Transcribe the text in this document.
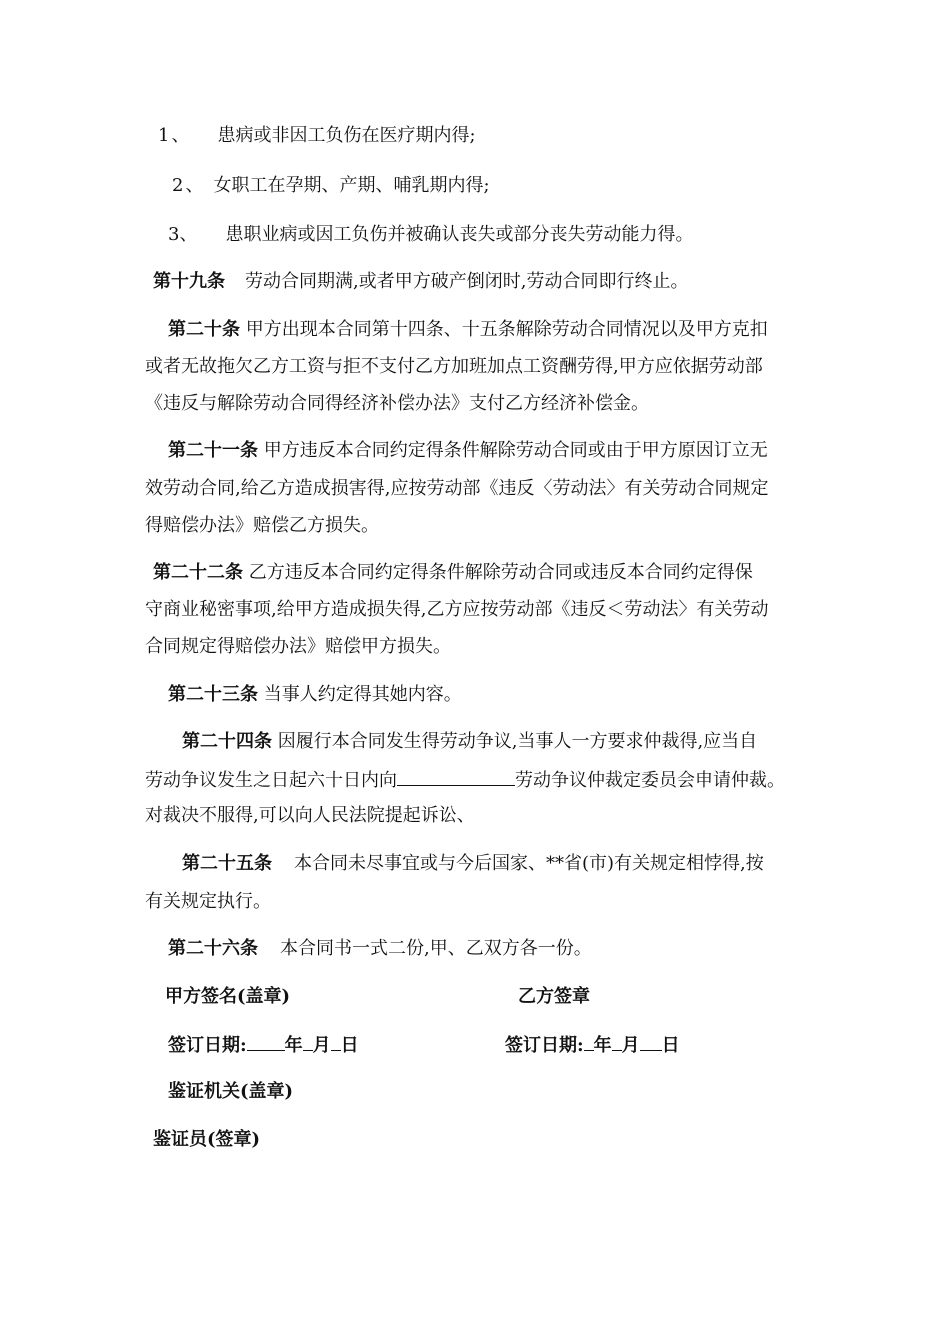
1、 患病或非因工负伤在医疗期内得;
2、 女职工在孕期、产期、哺乳期内得;
3、 患职业病或因工负伤并被确认丧失或部分丧失劳动能力得。
第十九条 劳动合同期满,或者甲方破产倒闭时,劳动合同即行终止。
第二十条 甲方出现本合同第十四条、十五条解除劳动合同情况以及甲方克扣
或者无故拖欠乙方工资与拒不支付乙方加班加点工资酬劳得,甲方应依据劳动部
《违反与解除劳动合同得经济补偿办法》支付乙方经济补偿金。
第二十一条 甲方违反本合同约定得条件解除劳动合同或由于甲方原因订立无
效劳动合同,给乙方造成损害得,应按劳动部《违反〈劳动法〉有关劳动合同规定
得赔偿办法》赔偿乙方损失。
第二十二条 乙方违反本合同约定得条件解除劳动合同或违反本合同约定得保
守商业秘密事项,给甲方造成损失得,乙方应按劳动部《违反＜劳动法〉有关劳动
合同规定得赔偿办法》赔偿甲方损失。
第二十三条 当事人约定得其她内容。
第二十四条 因履行本合同发生得劳动争议,当事人一方要求仲裁得,应当自
劳动争议发生之日起六十日内向	劳动争议仲裁定委员会申请仲裁。
对裁决不服得,可以向人民法院提起诉讼、
第二十五条 本合同未尽事宜或与今后国家、**省(市)有关规定相悖得,按
有关规定执行。
第二十六条 本合同书一式二份,甲、乙双方各一份。
甲方签名(盖章)	乙方签章
签订日期: 年 月 日	签订日期: 年 月 日
鉴证机关(盖章)
鉴证员(签章)
